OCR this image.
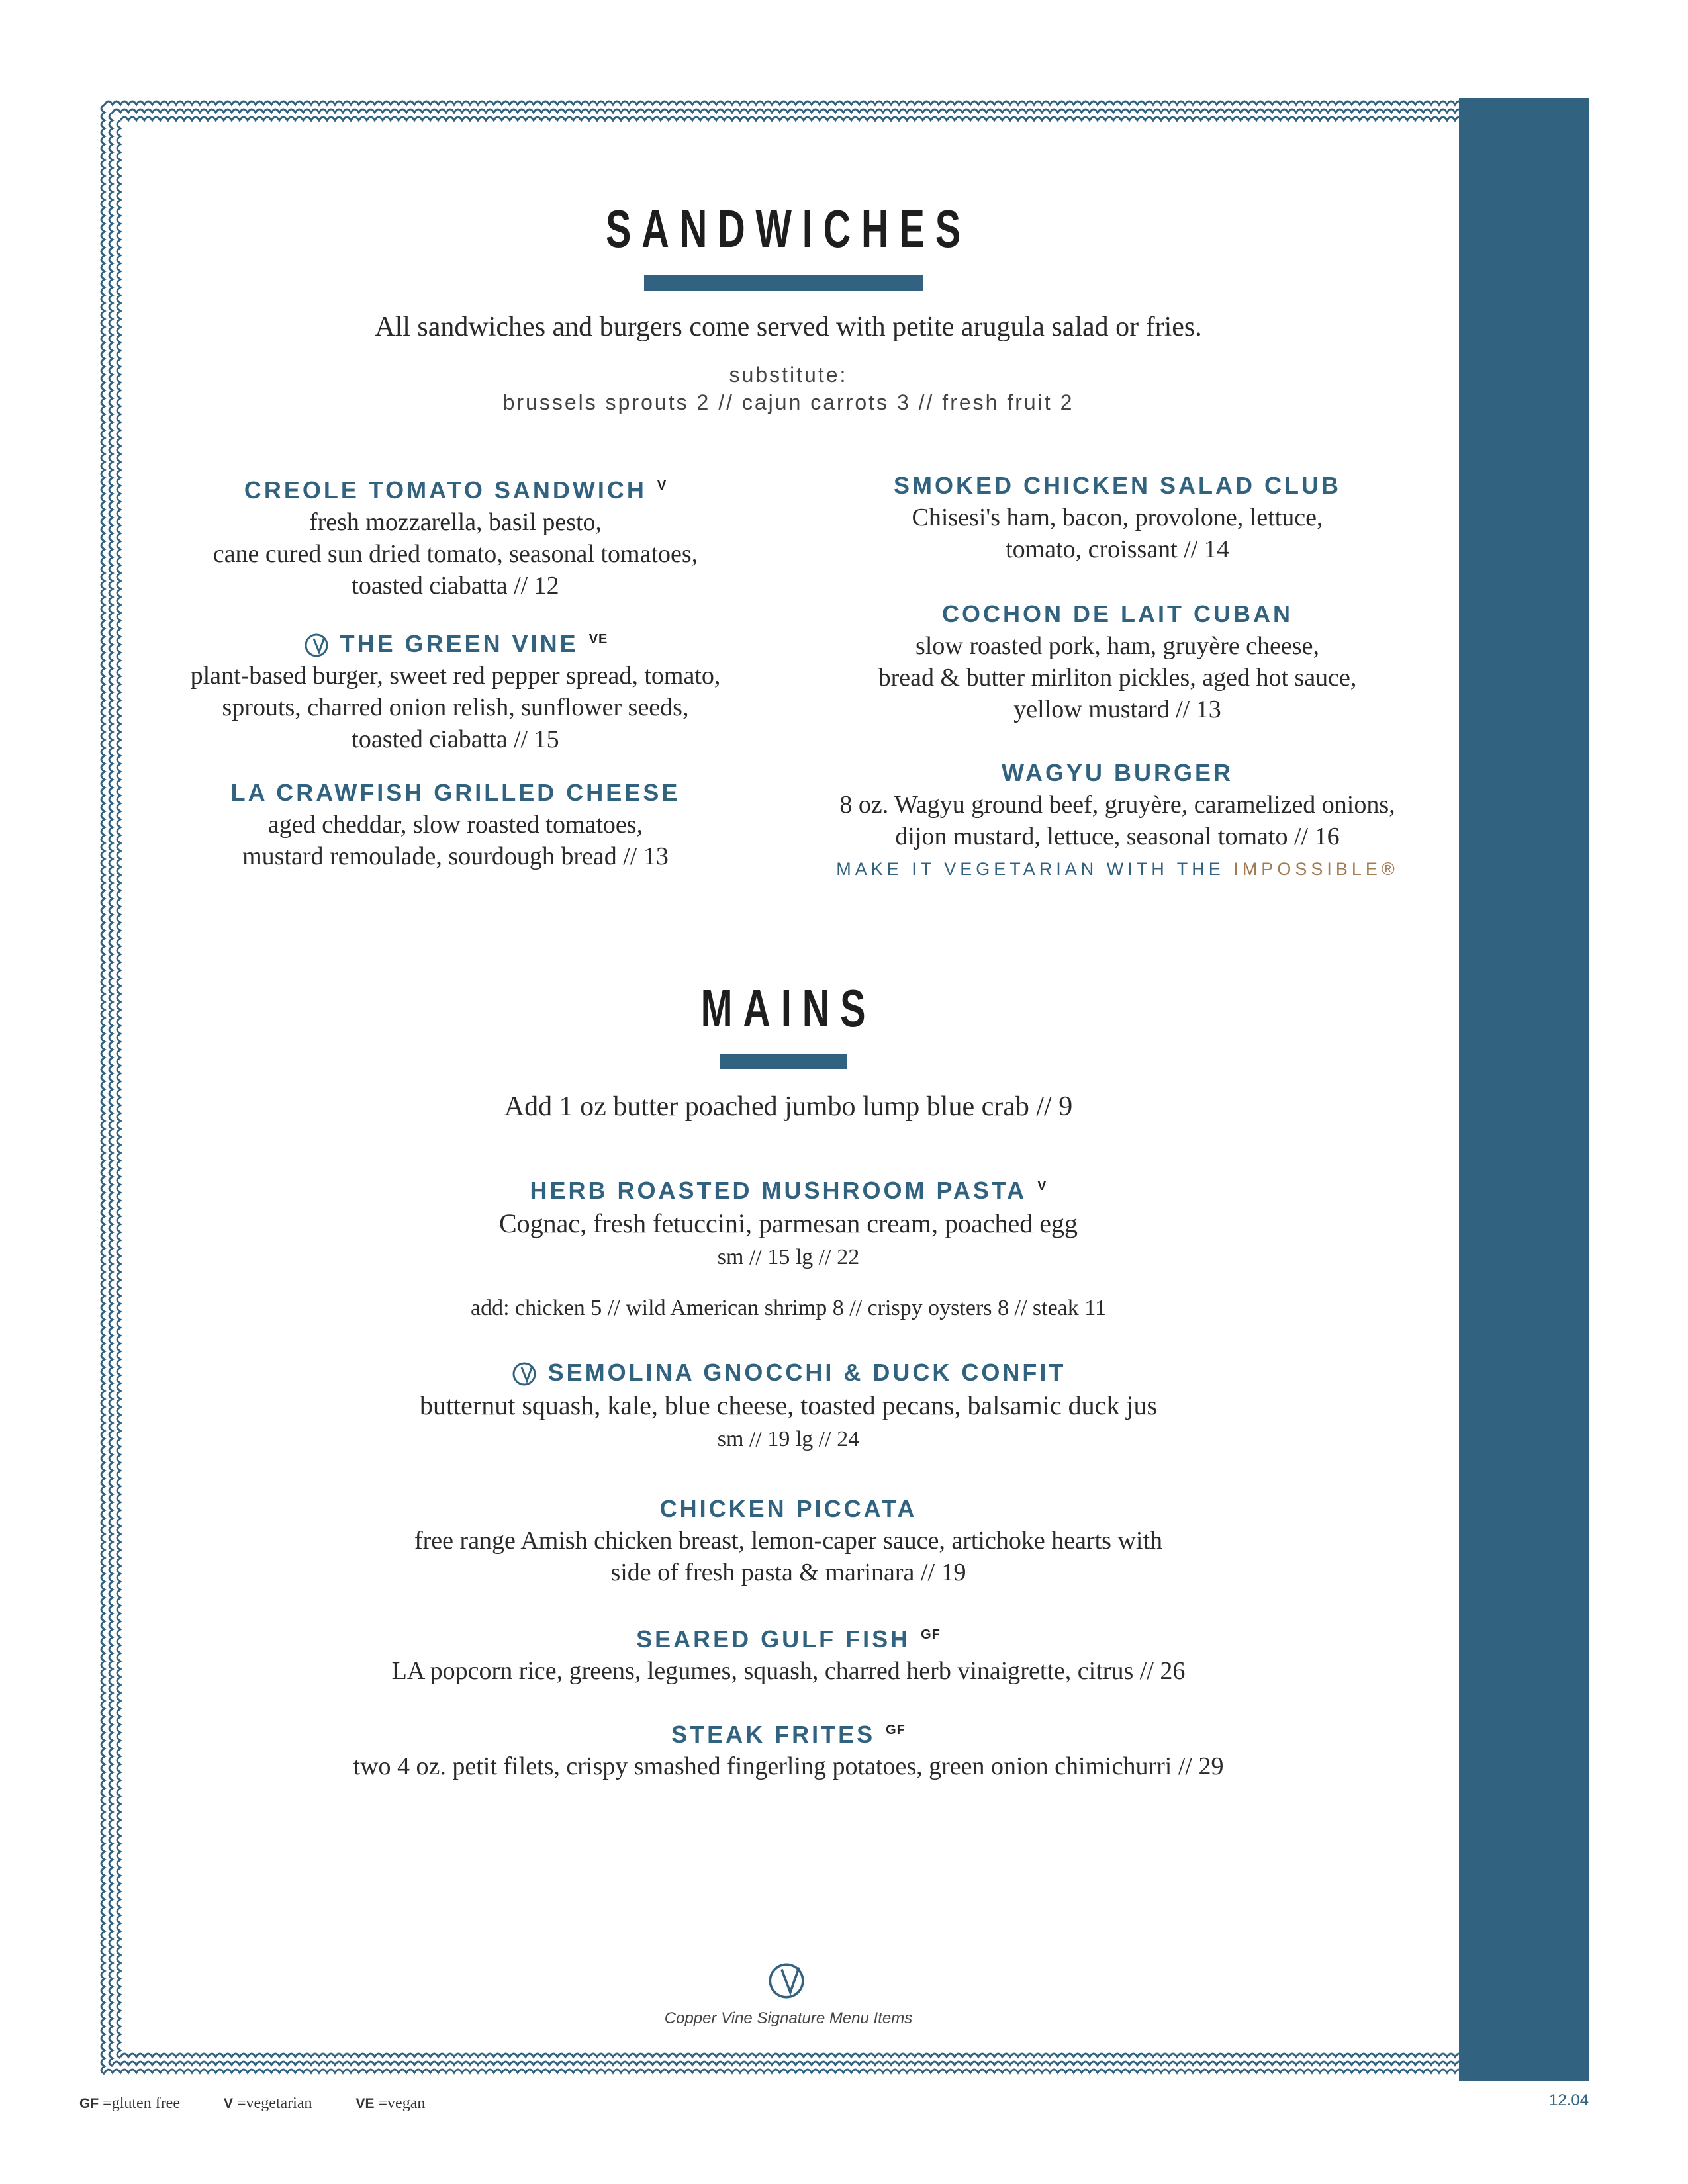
SANDWICHES
All sandwiches and burgers come served with petite arugula salad or fries.
substitute:
brussels sprouts 2 // cajun carrots 3 // fresh fruit 2
CREOLE TOMATO SANDWICH $^V$
fresh mozzarella, basil pesto,
cane cured sun dried tomato, seasonal tomatoes,
toasted ciabatta // 12
THE GREEN VINE $^{VE}$
plant-based burger, sweet red pepper spread, tomato,
sprouts, charred onion relish, sunflower seeds,
toasted ciabatta // 15
LA CRAWFISH GRILLED CHEESE
aged cheddar, slow roasted tomatoes,
mustard remoulade, sourdough bread // 13
SMOKED CHICKEN SALAD CLUB
Chisesi's ham, bacon, provolone, lettuce,
tomato, croissant // 14
COCHON DE LAIT CUBAN
slow roasted pork, ham, gruyère cheese,
bread & butter mirliton pickles, aged hot sauce,
yellow mustard // 13
WAGYU BURGER
8 oz. Wagyu ground beef, gruyère, caramelized onions,
dijon mustard, lettuce, seasonal tomato // 16
MAKE IT VEGETARIAN WITH THE IMPOSSIBLE®
MAINS
Add 1 oz butter poached jumbo lump blue crab // 9
HERB ROASTED MUSHROOM PASTA $^V$
Cognac, fresh fetuccini, parmesan cream, poached egg
sm // 15 lg // 22
add: chicken 5 // wild American shrimp 8 // crispy oysters 8 // steak 11
SEMOLINA GNOCCHI & DUCK CONFIT
butternut squash, kale, blue cheese, toasted pecans, balsamic duck jus
sm // 19 lg // 24
CHICKEN PICCATA
free range Amish chicken breast, lemon-caper sauce, artichoke hearts with
side of fresh pasta & marinara // 19
SEARED GULF FISH $^{GF}$
LA popcorn rice, greens, legumes, squash, charred herb vinaigrette, citrus // 26
STEAK FRITES $^{GF}$
two 4 oz. petit filets, crispy smashed fingerling potatoes, green onion chimichurri // 29
Copper Vine Signature Menu Items
GF =gluten free	V =vegetarian	VE =vegan	12.04
